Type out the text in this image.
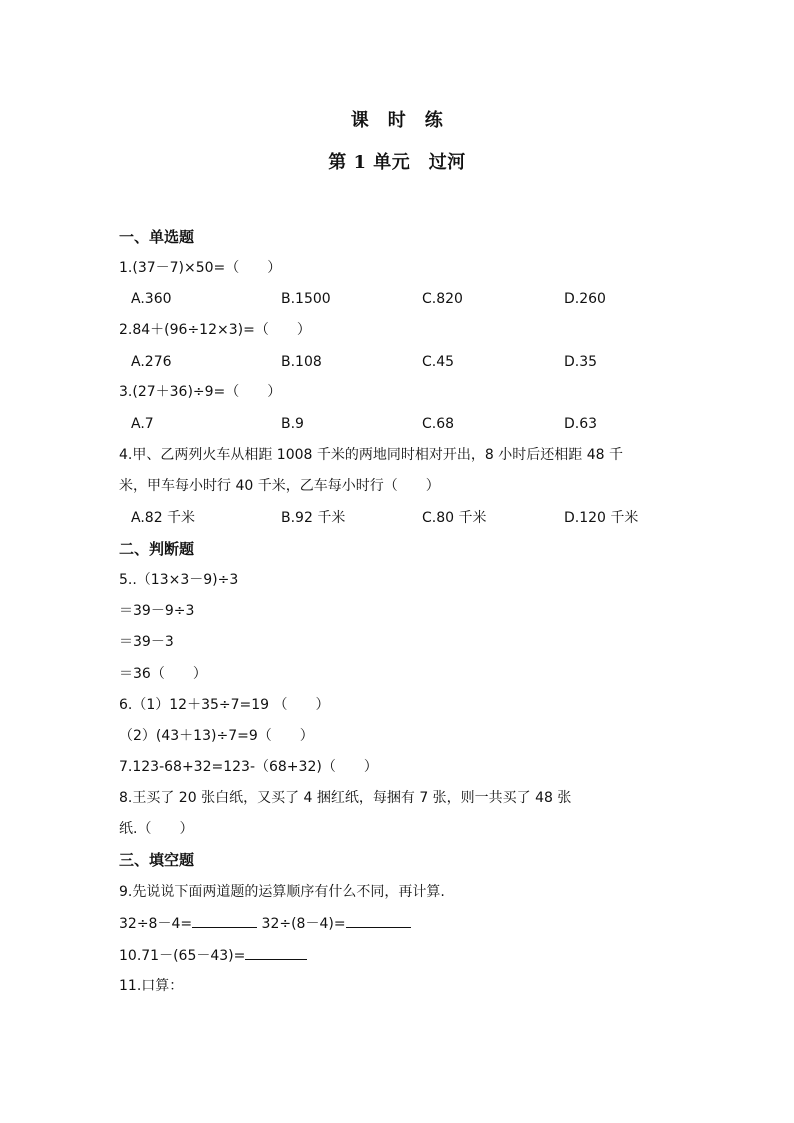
课　时　练
第 1 单元　过河
一、单选题
1.(37－7)×50=（　　）
A.360	B.1500	C.820	D.260
2.84＋(96÷12×3)=（　　）
A.276	B.108	C.45	D.35
3.(27＋36)÷9=（　　）
A.7	B.9	C.68	D.63
4.甲、乙两列火车从相距 1008 千米的两地同时相对开出，8 小时后还相距 48 千
米，甲车每小时行 40 千米，乙车每小时行（　　）
A.82 千米	B.92 千米	C.80 千米	D.120 千米
二、判断题
5..（13×3－9)÷3
＝39－9÷3
＝39－3
＝36（　　）
6.（1）12＋35÷7=19 （　　）
（2）(43＋13)÷7=9（　　）
7.123-68+32=123-（68+32)（　　）
8.王买了 20 张白纸，又买了 4 捆红纸，每捆有 7 张，则一共买了 48 张
纸.（　　）
三、填空题
9.先说说下面两道题的运算顺序有什么不同，再计算.
32÷8－4=	32÷(8－4)=
10.71－(65－43)=
11.口算：
